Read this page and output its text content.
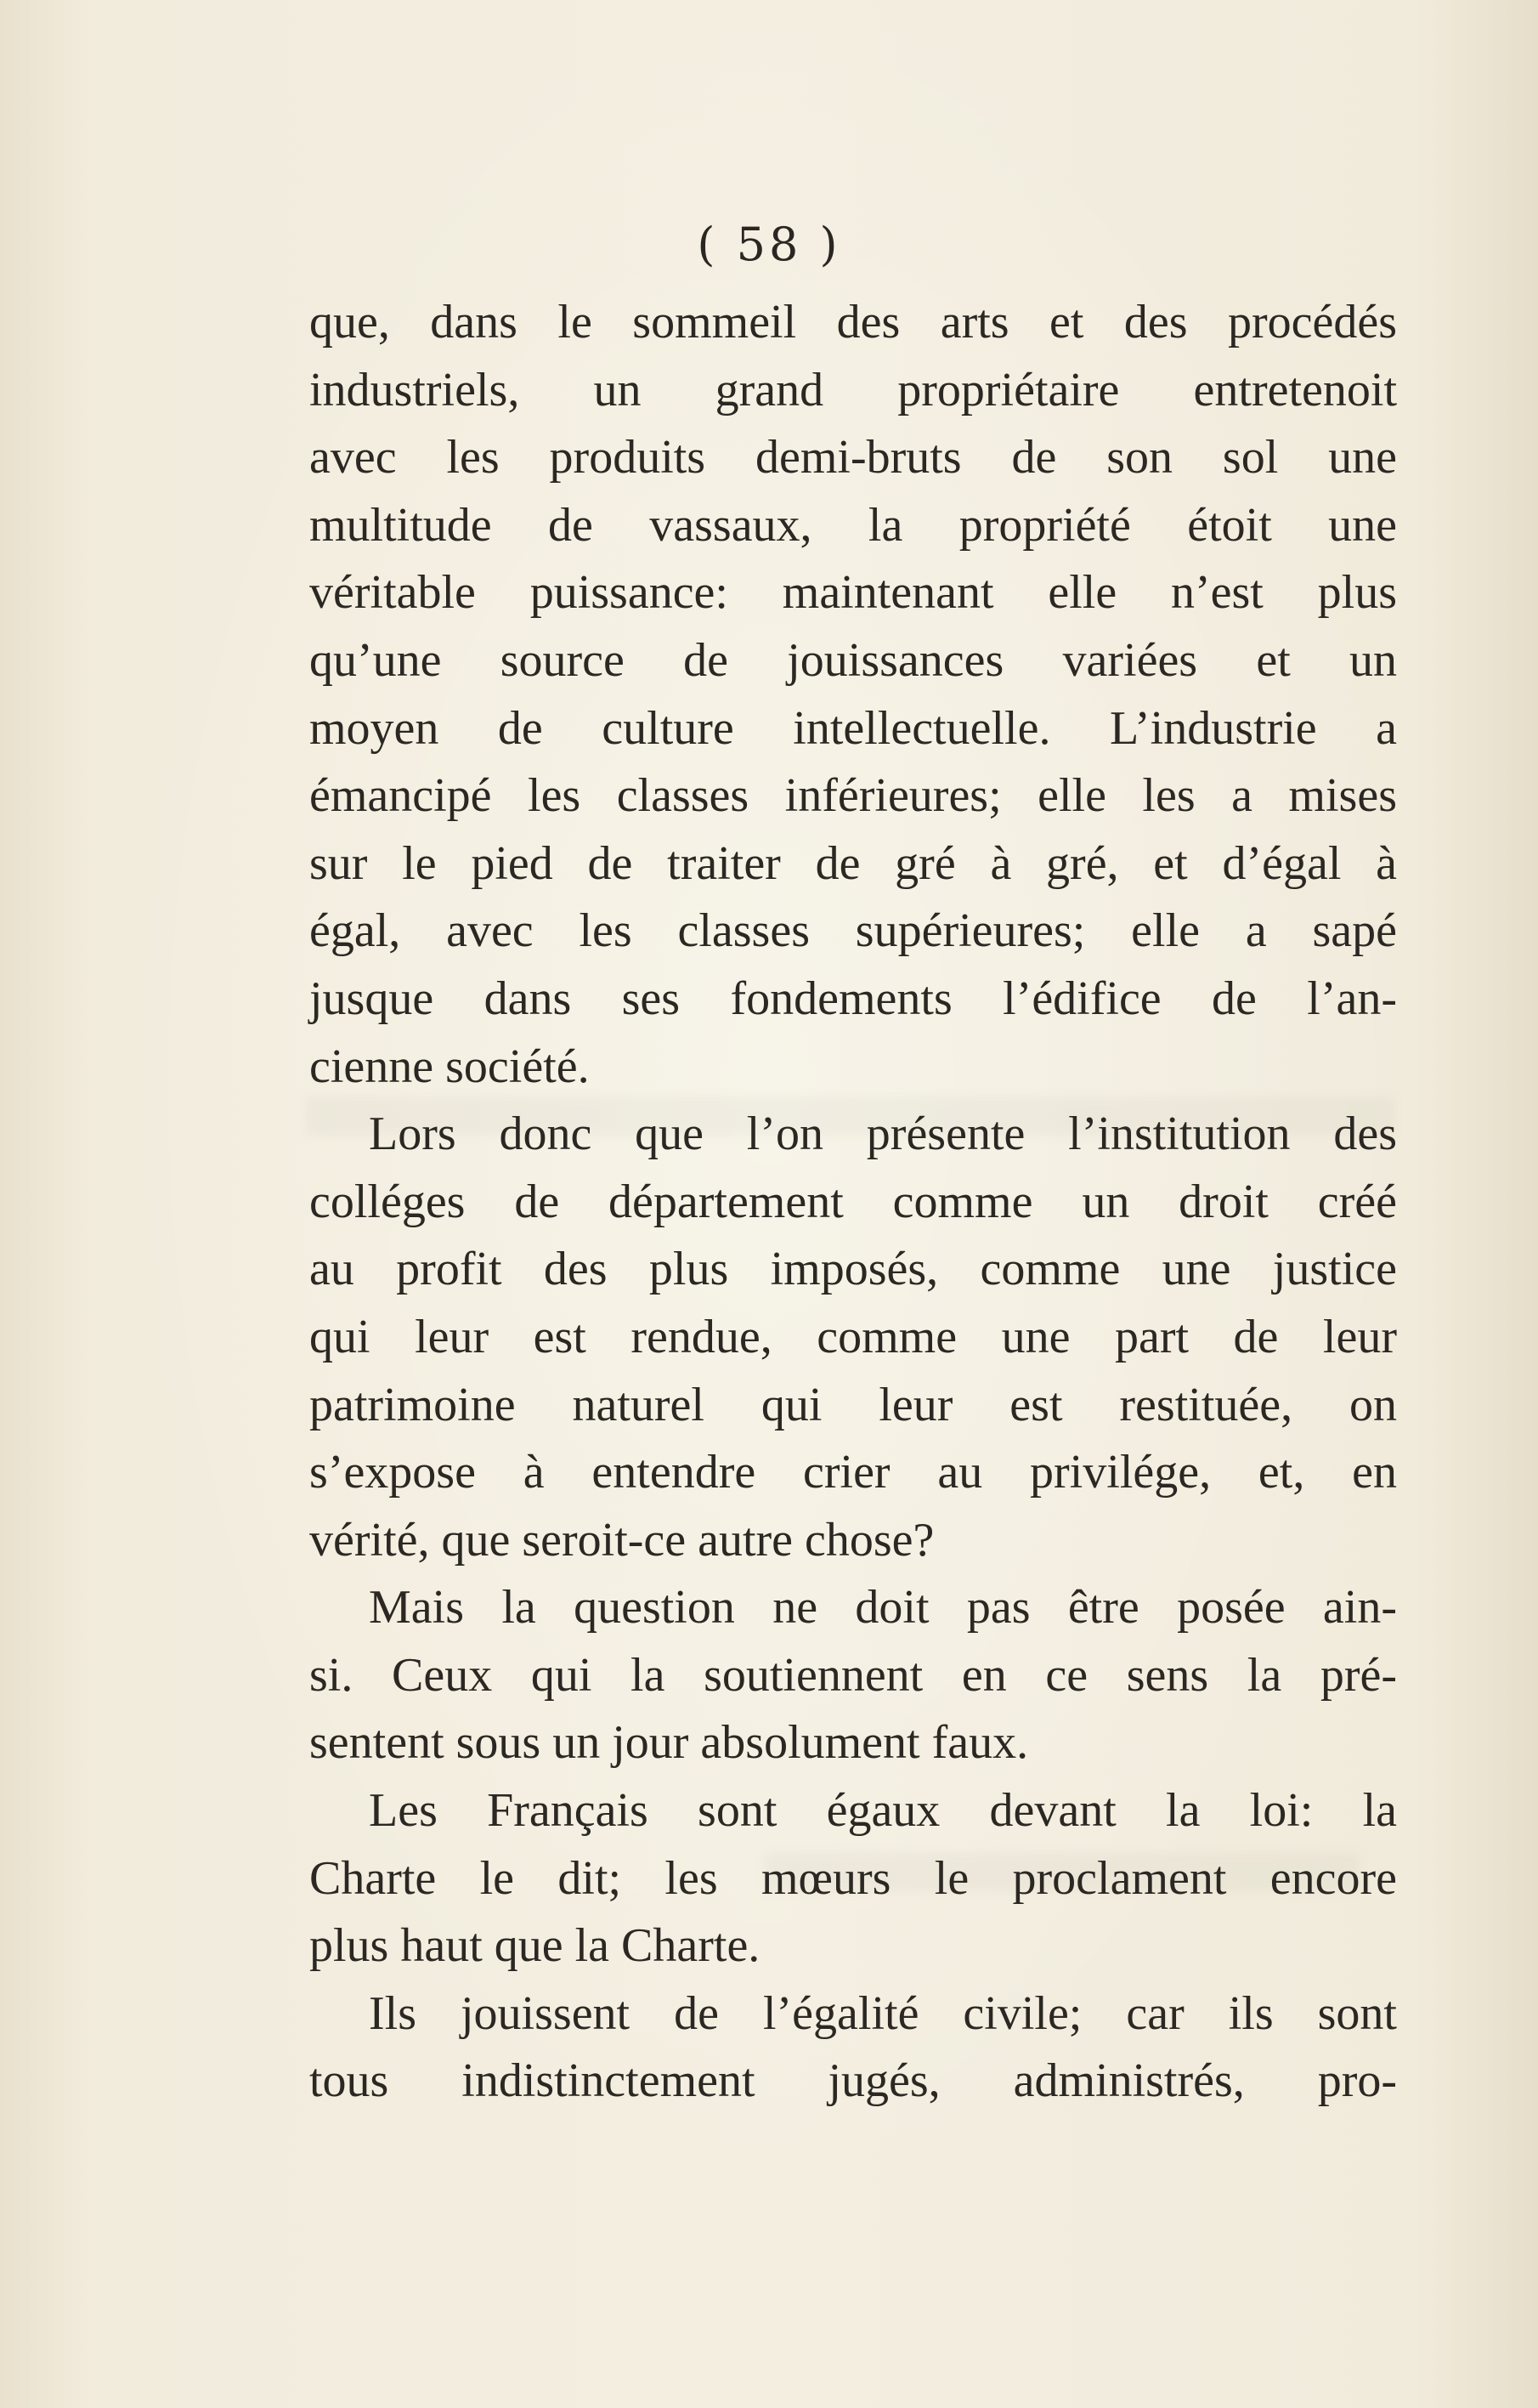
( 58 )

que, dans le sommeil des arts et des procédés

industriels, un grand propriétaire entretenoit

avec les produits demi-bruts de son sol une

multitude de vassaux, la propriété étoit une

véritable puissance: maintenant elle n’est plus

qu’une source de jouissances variées et un

moyen de culture intellectuelle. L’industrie a

émancipé les classes inférieures; elle les a mises

sur le pied de traiter de gré à gré, et d’égal à

égal, avec les classes supérieures; elle a sapé

jusque dans ses fondements l’édifice de l’an-

cienne société.

Lors donc que l’on présente l’institution des

colléges de département comme un droit créé

au profit des plus imposés, comme une justice

qui leur est rendue, comme une part de leur

patrimoine naturel qui leur est restituée, on

s’expose à entendre crier au privilége, et, en

vérité, que seroit-ce autre chose?

Mais la question ne doit pas être posée ain-

si. Ceux qui la soutiennent en ce sens la pré-

sentent sous un jour absolument faux.

Les Français sont égaux devant la loi: la

Charte le dit; les mœurs le proclament encore

plus haut que la Charte.

Ils jouissent de l’égalité civile; car ils sont

tous indistinctement jugés, administrés, pro-
